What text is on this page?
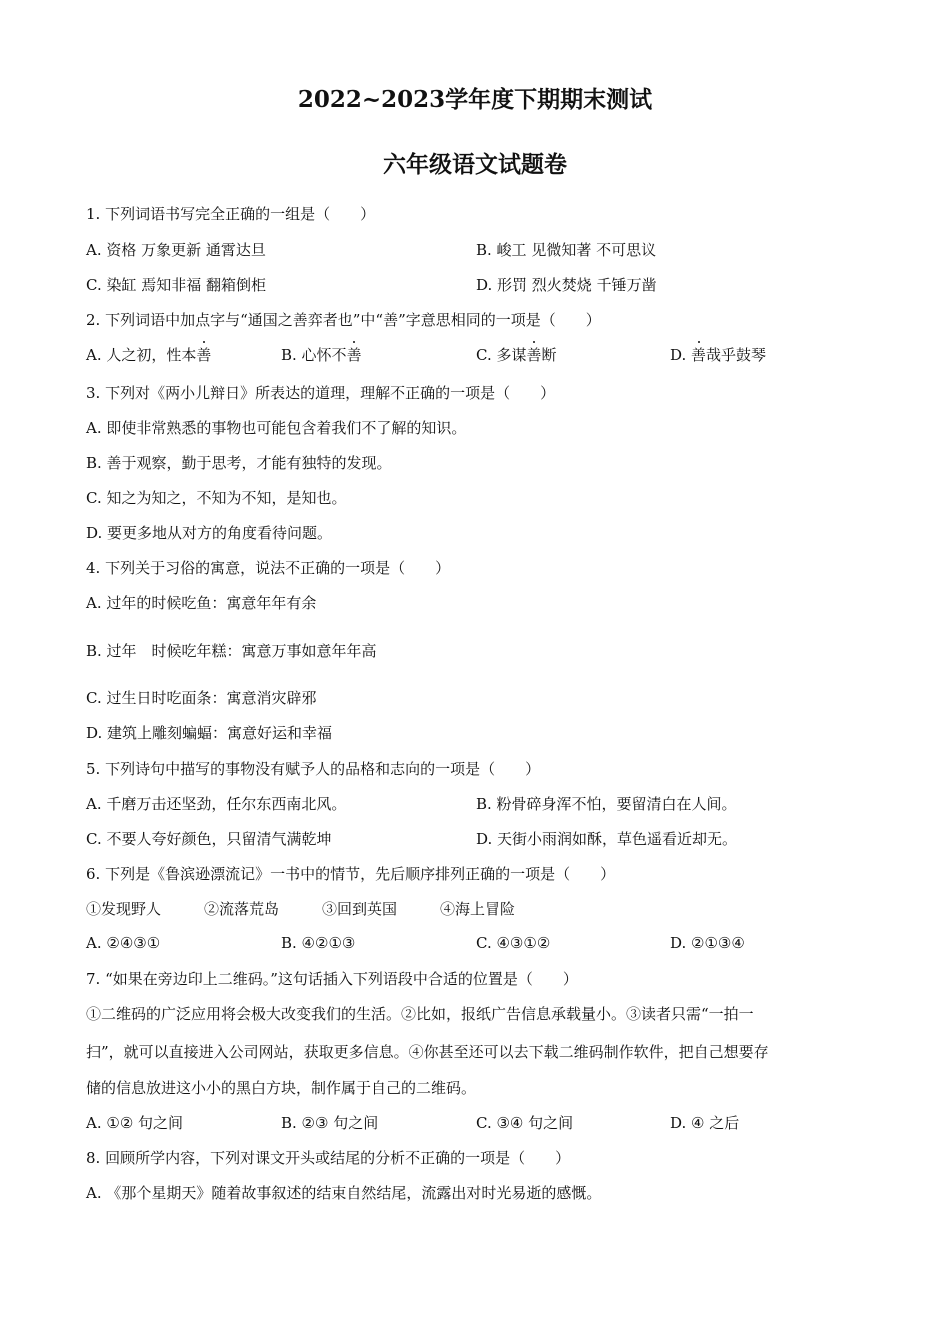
2022~2023学年度下期期末测试
六年级语文试题卷
1. 下列词语书写完全正确的一组是（　　）
A. 资格 万象更新 通霄达旦	B. 峻工 见微知著 不可思议
C. 染缸 焉知非福 翻箱倒柜	D. 形罚 烈火焚烧 千锤万凿
2. 下列词语中加点字与“通国之善弈者也”中“善”字意思相同的一项是（　　）
A. 人之初，性本善	B. 心怀不善	C. 多谋善断	D. 善哉乎鼓琴
3. 下列对《两小儿辩日》所表达的道理，理解不正确的一项是（　　）
A. 即使非常熟悉的事物也可能包含着我们不了解的知识。
B. 善于观察，勤于思考，才能有独特的发现。
C. 知之为知之，不知为不知，是知也。
D. 要更多地从对方的角度看待问题。
4. 下列关于习俗的寓意，说法不正确的一项是（　　）
A. 过年的时候吃鱼：寓意年年有余
B. 过年　时候吃年糕：寓意万事如意年年高
C. 过生日时吃面条：寓意消灾辟邪
D. 建筑上雕刻蝙蝠：寓意好运和幸福
5. 下列诗句中描写的事物没有赋予人的品格和志向的一项是（　　）
A. 千磨万击还坚劲，任尔东西南北风。	B. 粉骨碎身浑不怕，要留清白在人间。
C. 不要人夸好颜色，只留清气满乾坤	D. 天街小雨润如酥，草色遥看近却无。
6. 下列是《鲁滨逊漂流记》一书中的情节，先后顺序排列正确的一项是（　　）
①发现野人	②流落荒岛	③回到英国	④海上冒险
A. ②④③①	B. ④②①③	C. ④③①②	D. ②①③④
7. “如果在旁边印上二维码。”这句话插入下列语段中合适的位置是（　　）
①二维码的广泛应用将会极大改变我们的生活。②比如，报纸广告信息承载量小。③读者只需“一拍一
扫”，就可以直接进入公司网站，获取更多信息。④你甚至还可以去下载二维码制作软件，把自己想要存
储的信息放进这小小的黑白方块，制作属于自己的二维码。
A. ①② 句之间	B. ②③ 句之间	C. ③④ 句之间	D. ④ 之后
8. 回顾所学内容，下列对课文开头或结尾的分析不正确的一项是（　　）
A. 《那个星期天》随着故事叙述的结束自然结尾，流露出对时光易逝的感慨。
